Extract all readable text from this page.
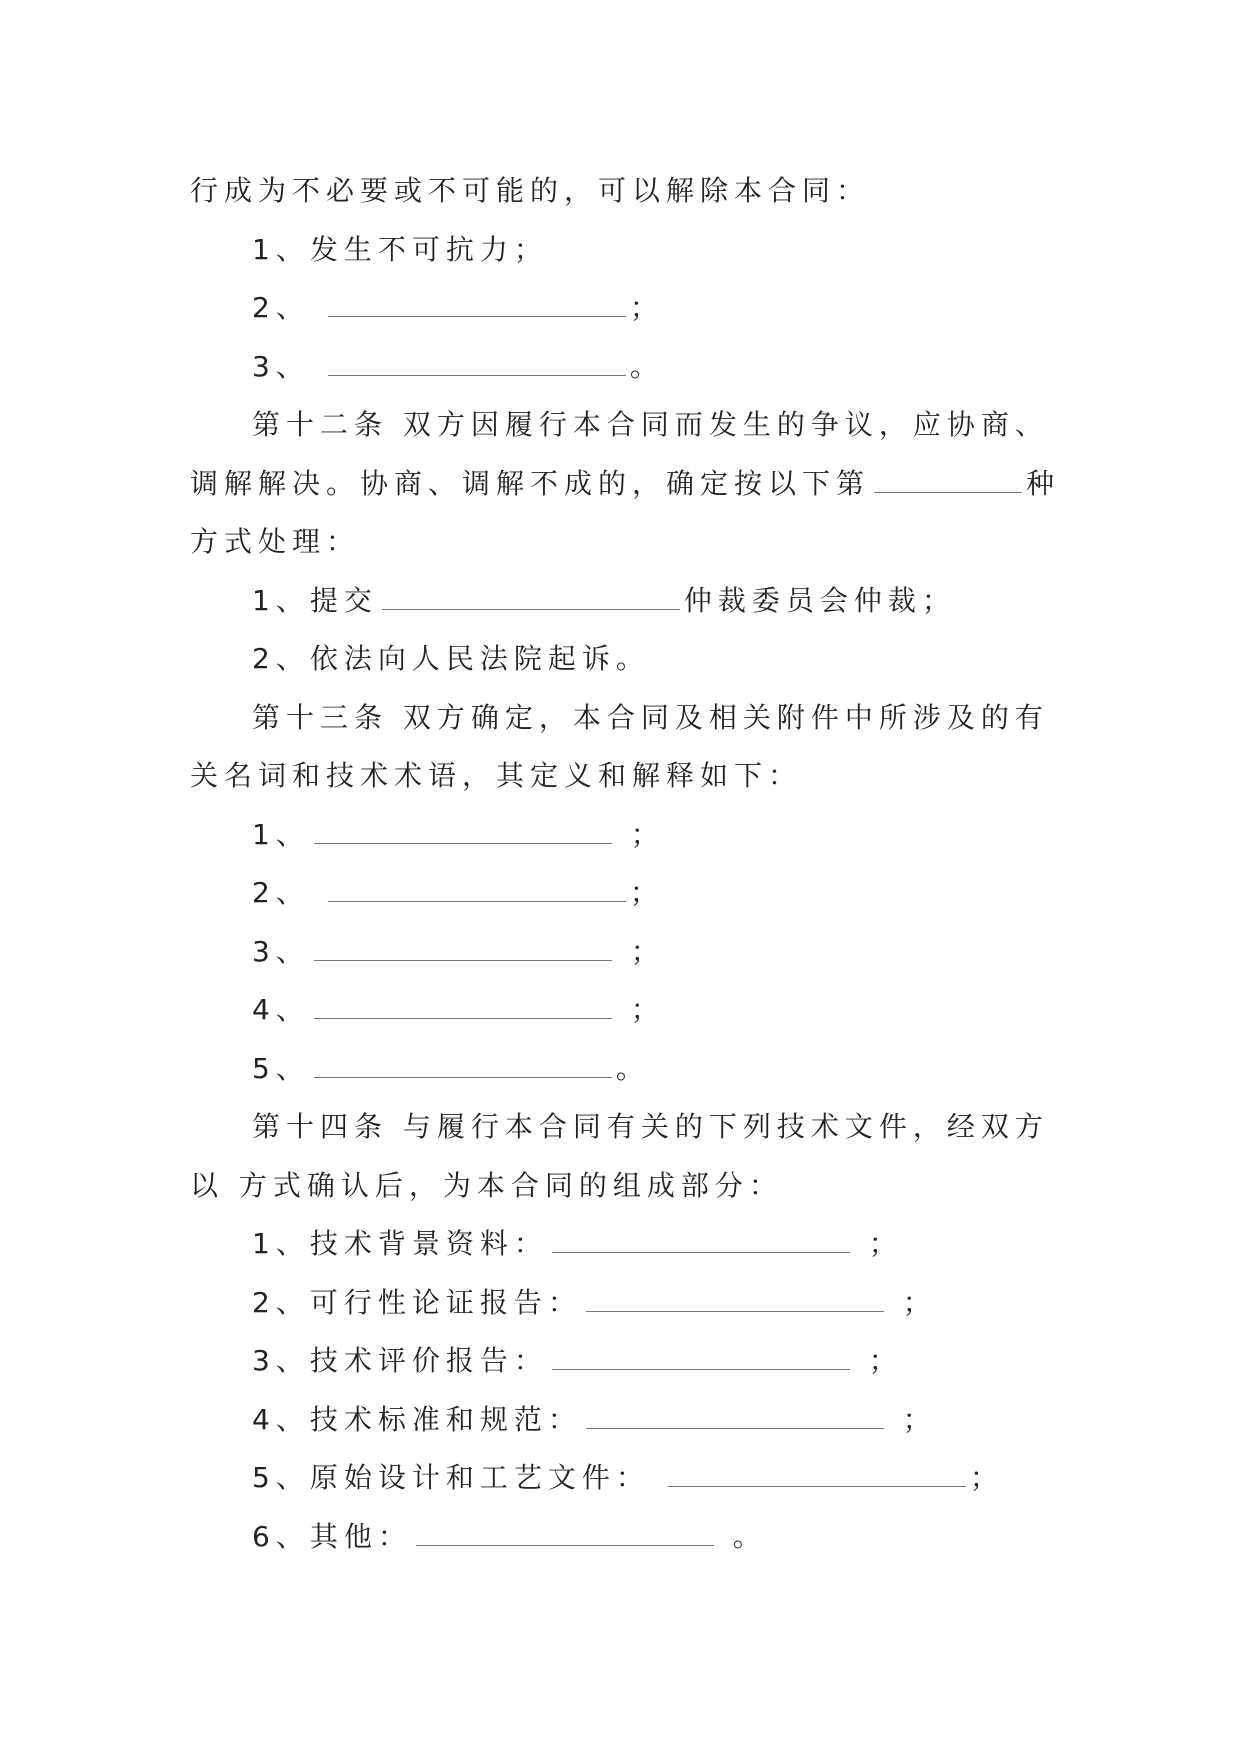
行成为不必要或不可能的，可以解除本合同：
1、发生不可抗力；
2、	；
3、	。
第十二条 双方因履行本合同而发生的争议，应协商、
调解解决。协商、调解不成的，确定按以下第	种
方式处理：
1、提交	仲裁委员会仲裁；
2、依法向人民法院起诉。
第十三条 双方确定，本合同及相关附件中所涉及的有
关名词和技术术语，其定义和解释如下：
1、	；
2、	；
3、	；
4、	；
5、	。
第十四条 与履行本合同有关的下列技术文件，经双方
以 方式确认后，为本合同的组成部分：
1、技术背景资料：	；
2、可行性论证报告：	；
3、技术评价报告：	；
4、技术标准和规范：	；
5、原始设计和工艺文件：	；
6、其他：	。
